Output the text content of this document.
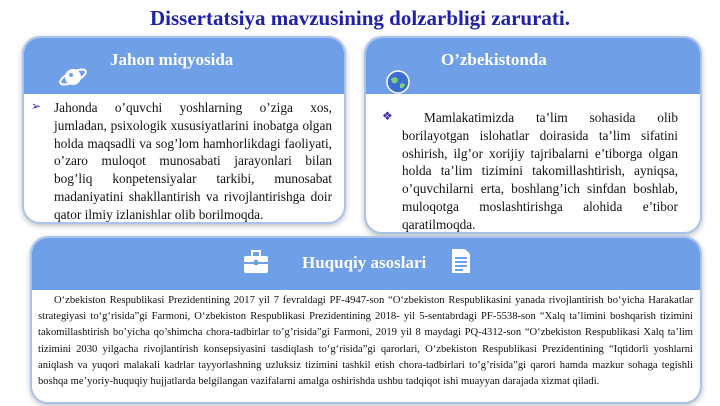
Dissertatsiya mavzusining dolzarbligi zarurati.
Jahon miqyosida
➢ Jahonda o’quvchi yoshlarning o’ziga xos, jumladan, psixologik xususiyatlarini inobatga olgan holda maqsadli va sog’lom hamhorlikdagi faoliyati, o’zaro muloqot munosabati jarayonlari bilan bog’liq konpetensiyalar tarkibi, munosabat madaniyatini shakllantirish va rivojlantirishga doir qator ilmiy izlanishlar olib borilmoqda.
O’zbekistonda
❖	Mamlakatimizda ta’lim sohasida olib borilayotgan islohatlar doirasida ta’lim sifatini oshirish, ilg’or xorijiy tajribalarni e’tiborga olgan holda ta’lim tizimini takomillashtirish, ayniqsa, o’quvchilarni erta, boshlang’ich sinfdan boshlab, muloqotga moslashtirishga alohida e’tibor qaratilmoqda.
Huquqiy asoslari
O‘zbekiston Respublikasi Prezidentining 2017 yil 7 fevraldagi PF-4947-son “O‘zbekiston Respublikasini yanada rivojlantirish bo‘yicha Harakatlar strategiyasi to‘g‘risida”gi Farmoni, O‘zbekiston Respublikasi Prezidentining 2018- yil 5-sentabrdagi PF-5538-son “Xalq ta’limini boshqarish tizimini takomillashtirish bo’yicha qo’shimcha chora-tadbirlar to’g’risida”gi Farmoni, 2019 yil 8 maydagi PQ-4312-son “O‘zbekiston Respublikasi Xalq ta’lim tizimini 2030 yilgacha rivojlantirish konsepsiyasini tasdiqlash to‘g‘risida”gi qarorlari, O‘zbekiston Respublikasi Prezidentining “Iqtidorli yoshlarni aniqlash va yuqori malakali kadrlar tayyorlashning uzluksiz tizimini tashkil etish chora-tadbirlari to’g’risida”gi qarori hamda mazkur sohaga tegishli boshqa me’yoriy-huquqiy hujjatlarda belgilangan vazifalarni amalga oshirishda ushbu tadqiqot ishi muayyan darajada xizmat qiladi.
